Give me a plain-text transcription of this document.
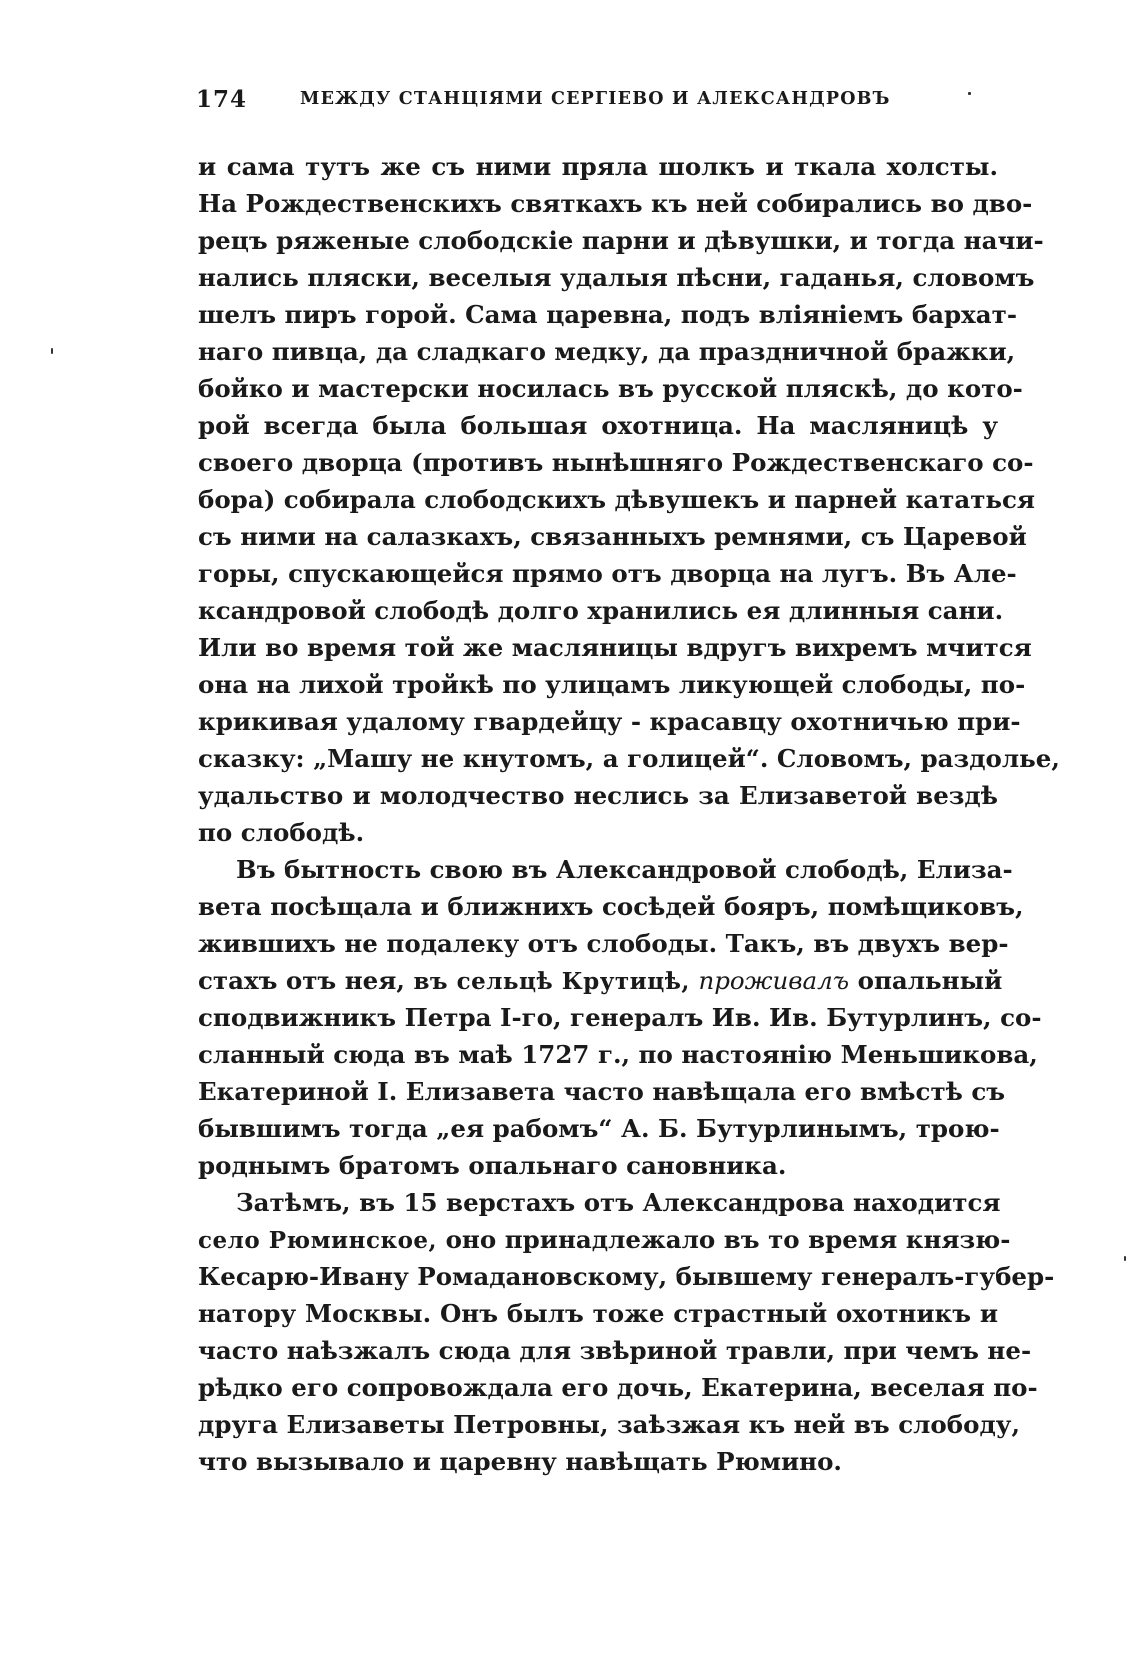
174	МЕЖДУ СТАНЦІЯМИ СЕРГІЕВО И АЛЕКСАНДРОВЪ
и сама тутъ же съ ними пряла шолкъ и ткала холсты.
На Рождественскихъ святкахъ къ ней собирались во дво-
рецъ ряженые слободскіе парни и дѣвушки, и тогда начи-
нались пляски, веселыя удалыя пѣсни, гаданья, словомъ
шелъ пиръ горой. Сама царевна, подъ вліяніемъ бархат-
наго пивца, да сладкаго медку, да праздничной бражки,
бойко и мастерски носилась въ русской пляскѣ, до кото-
рой всегда была большая охотница. На масляницѣ у
своего дворца (противъ нынѣшняго Рождественскаго со-
бора) собирала слободскихъ дѣвушекъ и парней кататься
съ ними на салазкахъ, связанныхъ ремнями, съ Царевой
горы, спускающейся прямо отъ дворца на лугъ. Въ Але-
ксандровой слободѣ долго хранились ея длинныя сани.
Или во время той же масляницы вдругъ вихремъ мчится
она на лихой тройкѣ по улицамъ ликующей слободы, по-
крикивая удалому гвардейцу - красавцу охотничью при-
сказку: „Машу не кнутомъ, а голицей“. Словомъ, раздолье,
удальство и молодчество неслись за Елизаветой вездѣ
по слободѣ.
Въ бытность свою въ Александровой слободѣ, Елиза-
вета посѣщала и ближнихъ сосѣдей бояръ, помѣщиковъ,
жившихъ не подалеку отъ слободы. Такъ, въ двухъ вер-
стахъ отъ нея, въ сельцѣ Крутицѣ, проживалъ опальный
сподвижникъ Петра I-го, генералъ Ив. Ив. Бутурлинъ, со-
сланный сюда въ маѣ 1727 г., по настоянію Меньшикова,
Екатериной I. Елизавета часто навѣщала его вмѣстѣ съ
бывшимъ тогда „ея рабомъ“ А. Б. Бутурлинымъ, трою-
роднымъ братомъ опальнаго сановника.
Затѣмъ, въ 15 верстахъ отъ Александрова находится
село Рюминское, оно принадлежало въ то время князю-
Кесарю-Ивану Ромадановскому, бывшему генералъ-губер-
натору Москвы. Онъ былъ тоже страстный охотникъ и
часто наѣзжалъ сюда для звѣриной травли, при чемъ не-
рѣдко его сопровождала его дочь, Екатерина, веселая по-
друга Елизаветы Петровны, заѣзжая къ ней въ слободу,
что вызывало и царевну навѣщать Рюмино.
